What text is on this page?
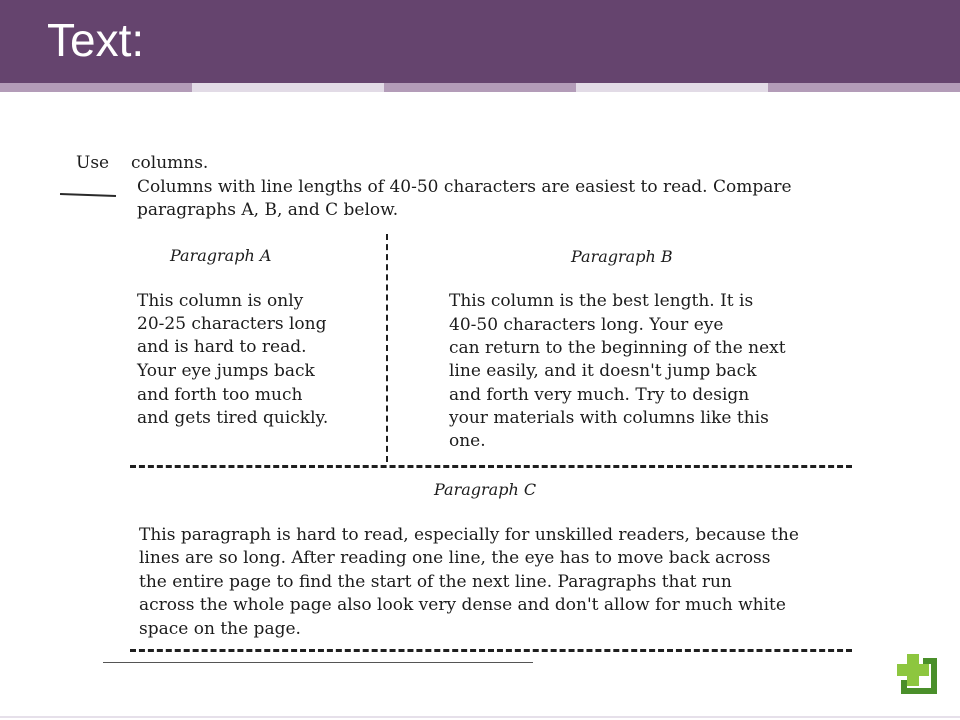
Text:
Use columns.
Columns with line lengths of 40-50 characters are easiest to read. Compare
paragraphs A, B, and C below.
Paragraph A	Paragraph B
This column is only
20-25 characters long
and is hard to read.
Your eye jumps back
and forth too much
and gets tired quickly.
This column is the best length. It is
40-50 characters long. Your eye
can return to the beginning of the next
line easily, and it doesn't jump back
and forth very much. Try to design
your materials with columns like this
one.
Paragraph C
This paragraph is hard to read, especially for unskilled readers, because the
lines are so long. After reading one line, the eye has to move back across
the entire page to find the start of the next line. Paragraphs that run
across the whole page also look very dense and don't allow for much white
space on the page.
